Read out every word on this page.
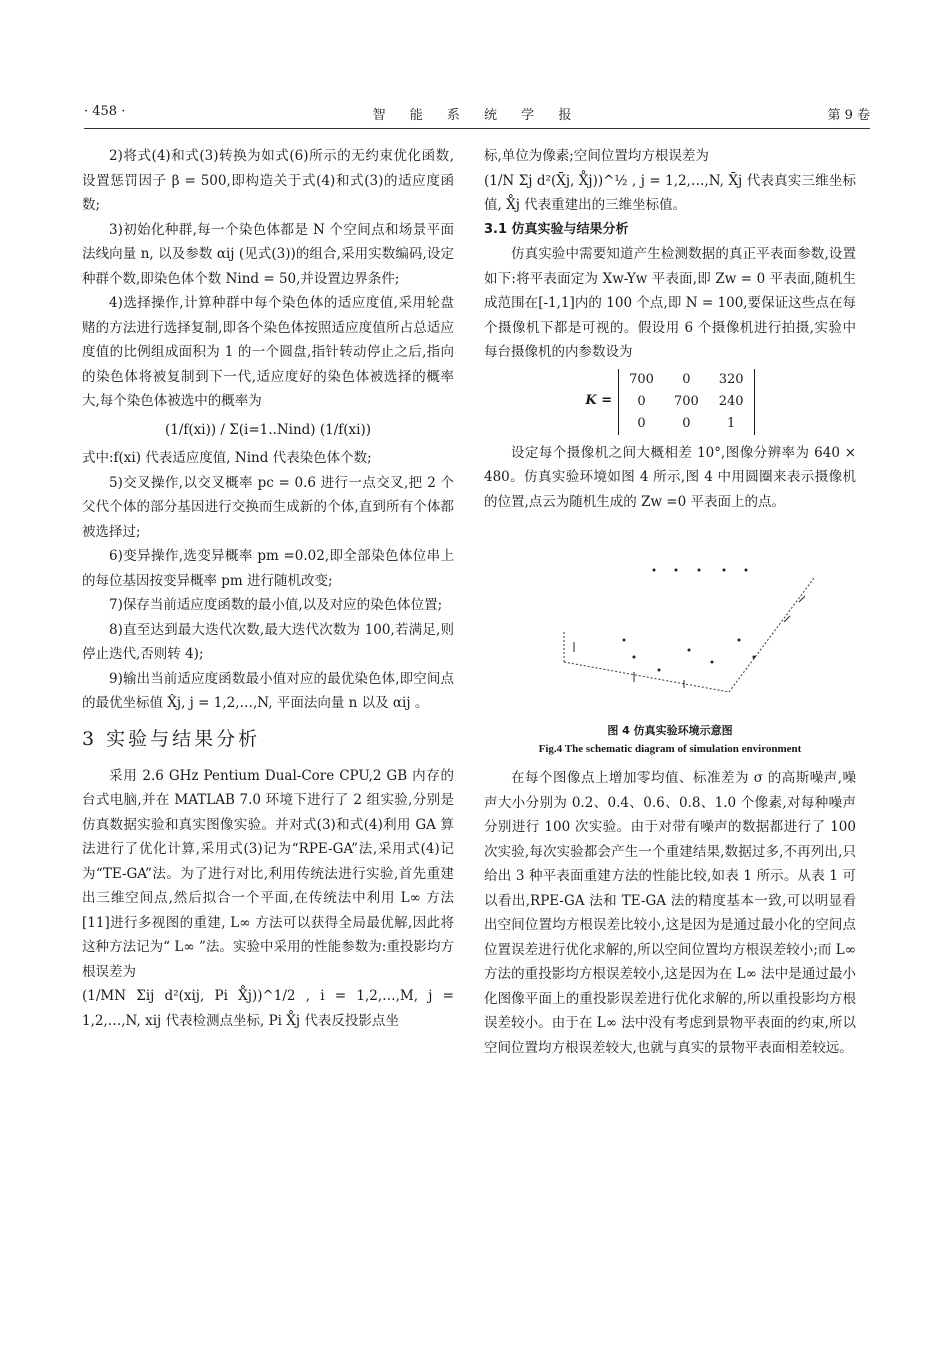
· 458 ·	智 能 系 统 学 报	第 9 卷

2)将式(4)和式(3)转换为如式(6)所示的无约束优化函数,设置惩罚因子 β = 500,即构造关于式(4)和式(3)的适应度函数;

3)初始化种群,每一个染色体都是 N 个空间点和场景平面法线向量 n, 以及参数 αij (见式(3))的组合,采用实数编码,设定种群个数,即染色体个数 Nind = 50,并设置边界条件;

4)选择操作,计算种群中每个染色体的适应度值,采用轮盘赌的方法进行选择复制,即各个染色体按照适应度值所占总适应度值的比例组成面积为 1 的一个圆盘,指针转动停止之后,指向的染色体将被复制到下一代,适应度好的染色体被选择的概率大,每个染色体被选中的概率为

(1/f(xi)) / Σ(i=1..Nind) (1/f(xi))

式中:f(xi) 代表适应度值, Nind 代表染色体个数;

5)交叉操作,以交叉概率 pc = 0.6 进行一点交叉,把 2 个父代个体的部分基因进行交换而生成新的个体,直到所有个体都被选择过;

6)变异操作,选变异概率 pm =0.02,即全部染色体位串上的每位基因按变异概率 pm 进行随机改变;

7)保存当前适应度函数的最小值,以及对应的染色体位置;

8)直至达到最大迭代次数,最大迭代次数为 100,若满足,则停止迭代,否则转 4);

9)输出当前适应度函数最小值对应的最优染色体,即空间点的最优坐标值 X̂j, j = 1,2,…,N, 平面法向量 n 以及 αij 。

3 实验与结果分析

采用 2.6 GHz Pentium Dual-Core CPU,2 GB 内存的台式电脑,并在 MATLAB 7.0 环境下进行了 2 组实验,分别是仿真数据实验和真实图像实验。并对式(3)和式(4)利用 GA 算法进行了优化计算,采用式(3)记为“RPE-GA”法,采用式(4)记为“TE-GA”法。为了进行对比,利用传统法进行实验,首先重建出三维空间点,然后拟合一个平面,在传统法中利用 L∞ 方法[11]进行多视图的重建, L∞ 方法可以获得全局最优解,因此将这种方法记为“ L∞ ”法。实验中采用的性能参数为:重投影均方根误差为

(1/MN Σij d²(xij, Pi X̊j))^1/2 , i = 1,2,…,M, j = 1,2,…,N, xij 代表检测点坐标, Pi X̊j 代表反投影点坐

标,单位为像素;空间位置均方根误差为

(1/N Σj d²(X̄j, X̊j))^½ , j = 1,2,…,N, X̄j 代表真实三维坐标值, X̊j 代表重建出的三维坐标值。

3.1 仿真实验与结果分析

仿真实验中需要知道产生检测数据的真正平表面参数,设置如下:将平表面定为 Xw-Yw 平表面,即 Zw = 0 平表面,随机生成范围在[-1,1]内的 100 个点,即 N = 100,要保证这些点在每个摄像机下都是可视的。假设用 6 个摄像机进行拍摄,实验中每台摄像机的内参数设为

K =
700	0	320
0	700	240
0	0	1

设定每个摄像机之间大概相差 10°,图像分辨率为 640 × 480。仿真实验环境如图 4 所示,图 4 中用圆圈来表示摄像机的位置,点云为随机生成的 Zw =0 平表面上的点。

图 4 仿真实验环境示意图

Fig.4 The schematic diagram of simulation environment

在每个图像点上增加零均值、标准差为 σ 的高斯噪声,噪声大小分别为 0.2、0.4、0.6、0.8、1.0 个像素,对每种噪声分别进行 100 次实验。由于对带有噪声的数据都进行了 100 次实验,每次实验都会产生一个重建结果,数据过多,不再列出,只给出 3 种平表面重建方法的性能比较,如表 1 所示。从表 1 可以看出,RPE-GA 法和 TE-GA 法的精度基本一致,可以明显看出空间位置均方根误差比较小,这是因为是通过最小化的空间点位置误差进行优化求解的,所以空间位置均方根误差较小;而 L∞ 方法的重投影均方根误差较小,这是因为在 L∞ 法中是通过最小化图像平面上的重投影误差进行优化求解的,所以重投影均方根误差较小。由于在 L∞ 法中没有考虑到景物平表面的约束,所以空间位置均方根误差较大,也就与真实的景物平表面相差较远。
